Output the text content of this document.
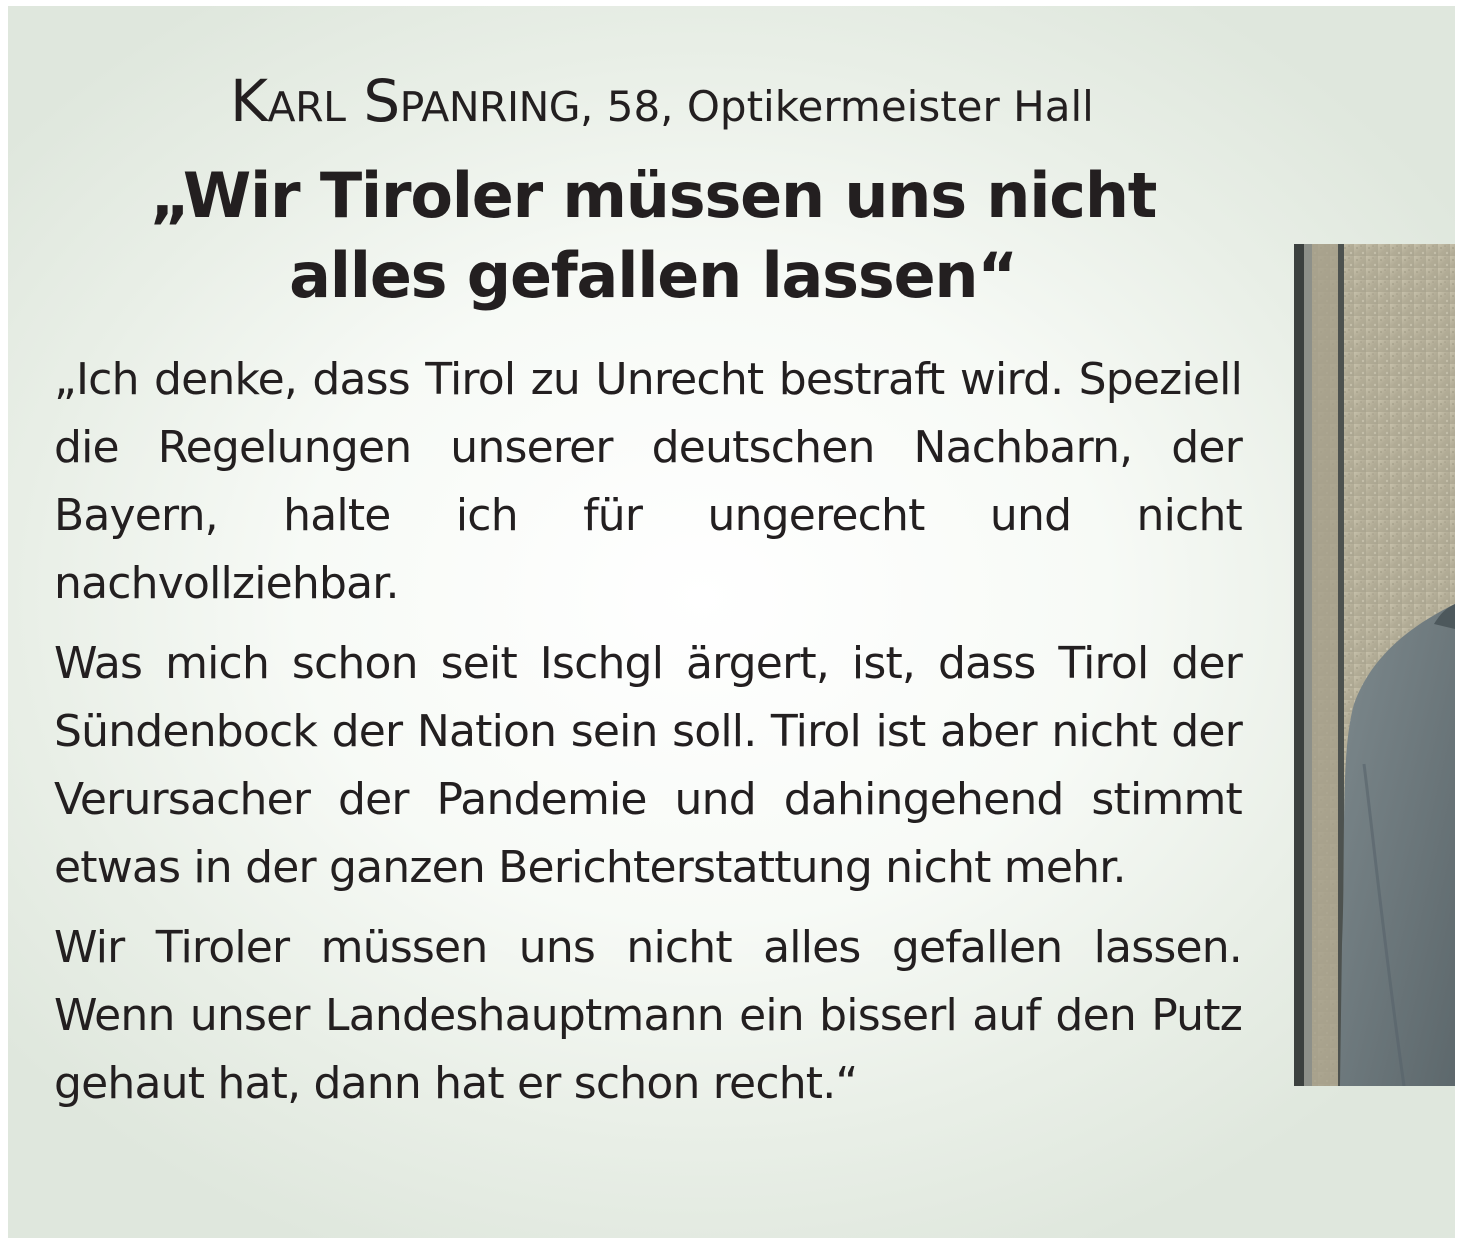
Karl Spanring, 58, Optikermeister Hall
„Wir Tiroler müssen uns nicht
alles gefallen lassen“

„Ich denke, dass Tirol zu Unrecht bestraft wird. Speziell die Regelungen unserer deutschen Nachbarn, der Bayern, halte ich für ungerecht und nicht nachvollziehbar.

Was mich schon seit Ischgl ärgert, ist, dass Tirol der Sündenbock der Nation sein soll. Tirol ist aber nicht der Verursacher der Pandemie und dahingehend stimmt etwas in der ganzen Berichterstattung nicht mehr.

Wir Tiroler müssen uns nicht alles gefallen lassen. Wenn unser Landeshauptmann ein bisserl auf den Putz gehaut hat, dann hat er schon recht.“
